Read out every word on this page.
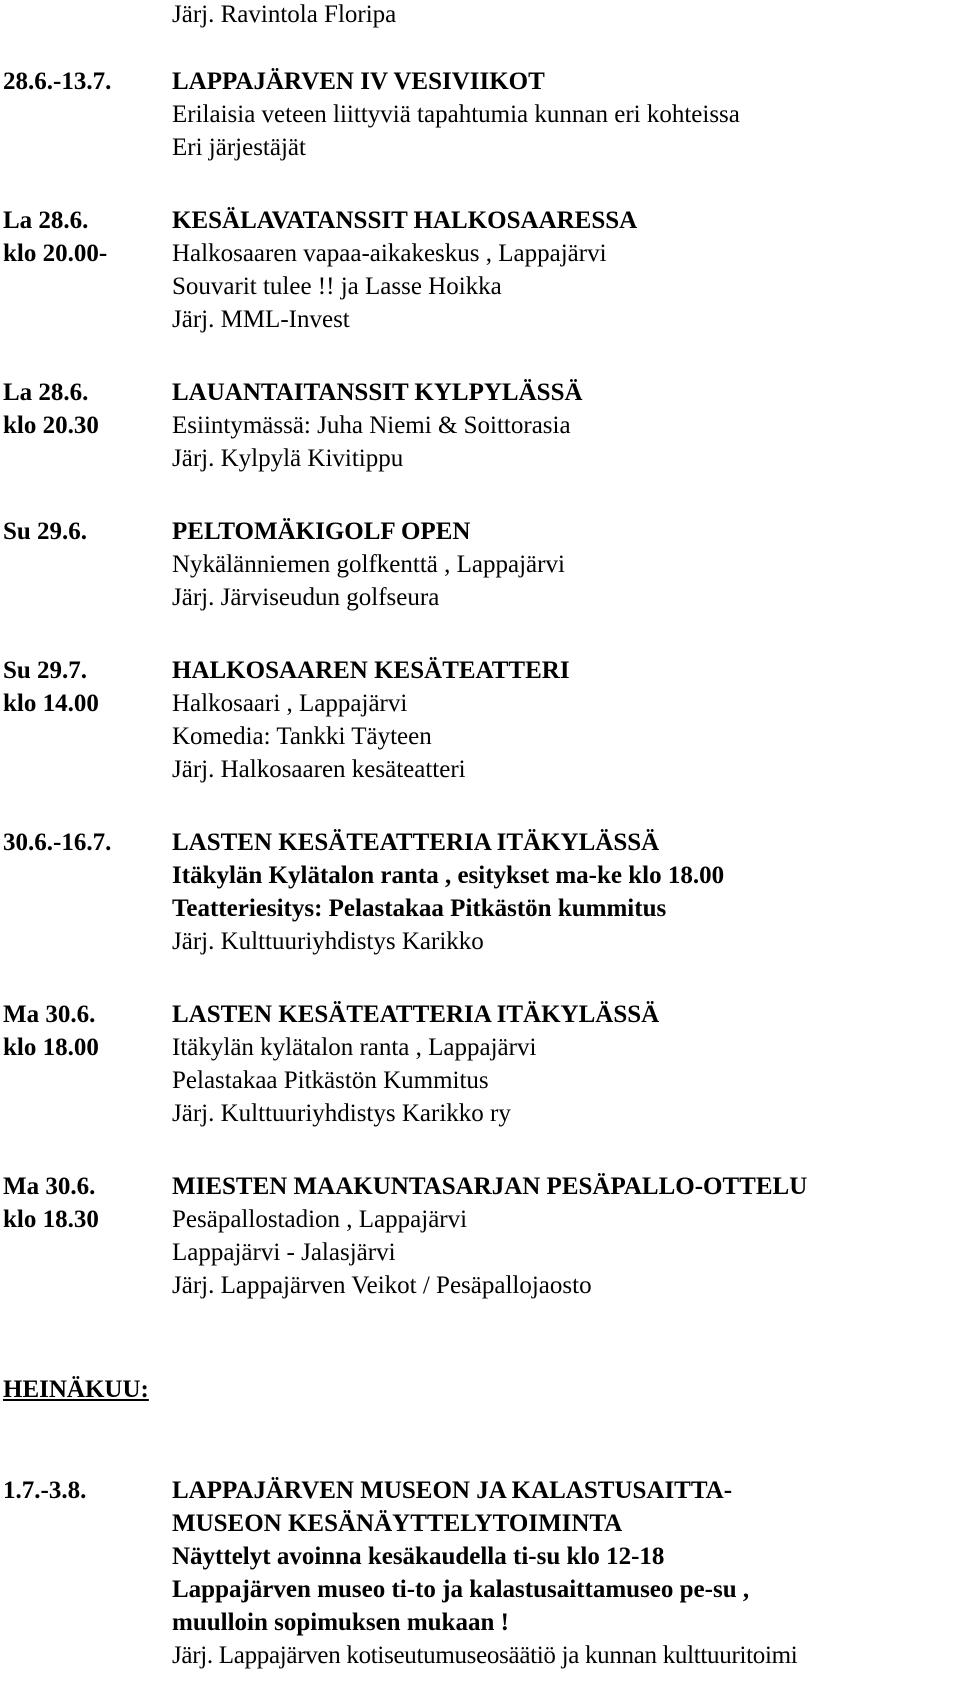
Järj. Ravintola Floripa
28.6.-13.7. LAPPAJÄRVEN IV VESIVIIKOT
Erilaisia veteen liittyviä tapahtumia kunnan eri kohteissa
Eri järjestäjät
La 28.6.
klo 20.00-
KESÄLAVATANSSIT HALKOSAARESSA
Halkosaaren vapaa-aikakeskus , Lappajärvi
Souvarit tulee !! ja Lasse Hoikka
Järj. MML-Invest
La 28.6.
klo 20.30
LAUANTAITANSSIT KYLPYLÄSSÄ
Esiintymässä: Juha Niemi & Soittorasia
Järj. Kylpylä Kivitippu
Su 29.6.	PELTOMÄKIGOLF OPEN
Nykälänniemen golfkenttä , Lappajärvi
Järj. Järviseudun golfseura
Su 29.7.
klo 14.00
HALKOSAAREN KESÄTEATTERI
Halkosaari , Lappajärvi
Komedia: Tankki Täyteen
Järj. Halkosaaren kesäteatteri
30.6.-16.7. LASTEN KESÄTEATTERIA ITÄKYLÄSSÄ
Itäkylän Kylätalon ranta , esitykset ma-ke klo 18.00
Teatteriesitys: Pelastakaa Pitkästön kummitus
Järj. Kulttuuriyhdistys Karikko
Ma 30.6.
klo 18.00
LASTEN KESÄTEATTERIA ITÄKYLÄSSÄ
Itäkylän kylätalon ranta , Lappajärvi
Pelastakaa Pitkästön Kummitus
Järj. Kulttuuriyhdistys Karikko ry
Ma 30.6.
klo 18.30
MIESTEN MAAKUNTASARJAN PESÄPALLO-OTTELU
Pesäpallostadion , Lappajärvi
Lappajärvi - Jalasjärvi
Järj. Lappajärven Veikot / Pesäpallojaosto
HEINÄKUU:
1.7.-3.8.	LAPPAJÄRVEN MUSEON JA KALASTUSAITTA-
MUSEON KESÄNÄYTTELYTOIMINTA
Näyttelyt avoinna kesäkaudella ti-su klo 12-18
Lappajärven museo ti-to ja kalastusaittamuseo pe-su ,
muulloin sopimuksen mukaan !
Järj. Lappajärven kotiseutumuseosäätiö ja kunnan kulttuuritoimi
